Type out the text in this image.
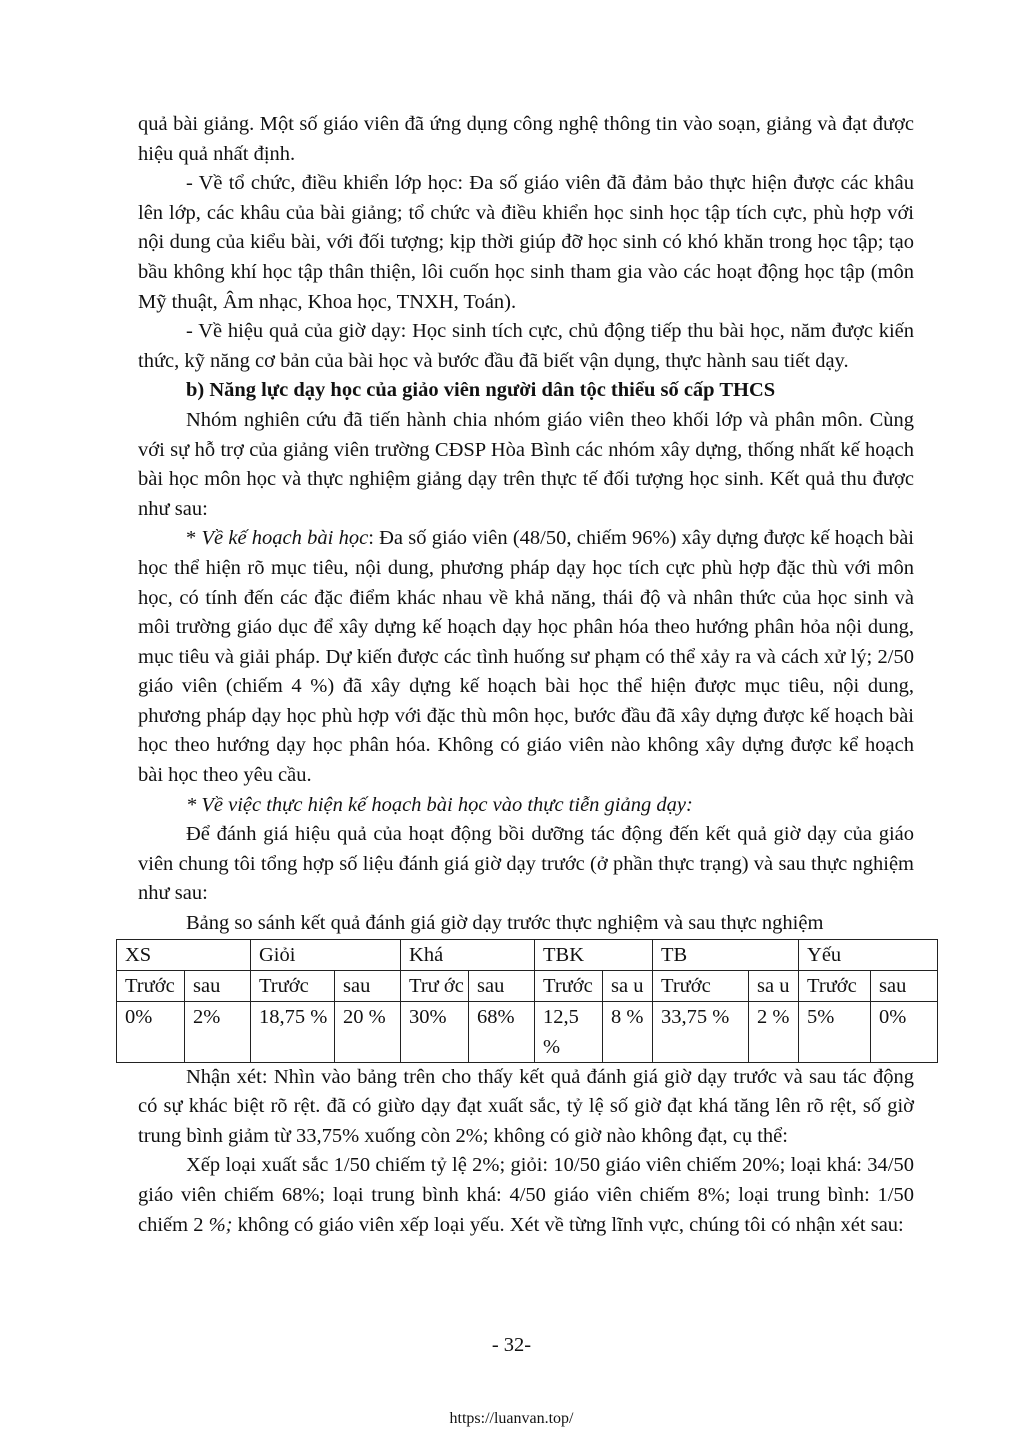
quả bài giảng. Một số giáo viên đã ứng dụng công nghệ thông tin vào soạn, giảng và đạt được hiệu quả nhất định.

- Về tổ chức, điều khiển lớp học: Đa số giáo viên đã đảm bảo thực hiện được các khâu lên lớp, các khâu của bài giảng; tổ chức và điều khiển học sinh học tập tích cực, phù hợp với nội dung của kiểu bài, với đối tượng; kịp thời giúp đỡ học sinh có khó khăn trong học tập; tạo bầu không khí học tập thân thiện, lôi cuốn học sinh tham gia vào các hoạt động học tập (môn Mỹ thuật, Âm nhạc, Khoa học, TNXH, Toán).

- Về hiệu quả của giờ dạy: Học sinh tích cực, chủ động tiếp thu bài học, năm được kiến thức, kỹ năng cơ bản của bài học và bước đầu đã biết vận dụng, thực hành sau tiết dạy.

b) Năng lực dạy học của giảo viên người dân tộc thiểu số cấp THCS

Nhóm nghiên cứu đã tiến hành chia nhóm giáo viên theo khối lớp và phân môn. Cùng với sự hỗ trợ của giảng viên trường CĐSP Hòa Bình các nhóm xây dựng, thống nhất kế hoạch bài học môn học và thực nghiệm giảng dạy trên thực tế đối tượng học sinh. Kết quả thu được như sau:

* Về kế hoạch bài học: Đa số giáo viên (48/50, chiếm 96%) xây dựng được kế hoạch bài học thể hiện rõ mục tiêu, nội dung, phương pháp dạy học tích cực phù hợp đặc thù với môn học, có tính đến các đặc điểm khác nhau về khả năng, thái độ và nhân thức của học sinh và môi trường giáo dục để xây dựng kế hoạch dạy học phân hóa theo hướng phân hỏa nội dung, mục tiêu và giải pháp. Dự kiến được các tình huống sư phạm có thể xảy ra và cách xử lý; 2/50 giáo viên (chiếm 4 %) đã xây dựng kế hoạch bài học thể hiện được mục tiêu, nội dung, phương pháp dạy học phù hợp với đặc thù môn học, bước đầu đã xây dựng được kế hoạch bài học theo hướng dạy học phân hóa. Không có giáo viên nào không xây dựng được kể hoạch bài học theo yêu cầu.

* Về việc thực hiện kế hoạch bài học vào thực tiễn giảng dạy:

Để đánh giá hiệu quả của hoạt động bồi dưỡng tác động đến kết quả giờ dạy của giáo viên chung tôi tổng hợp số liệu đánh giá giờ dạy trước (ở phần thực trạng) và sau thực nghiệm như sau:

Bảng so sánh kết quả đánh giá giờ dạy trước thực nghiệm và sau thực nghiệm

XS		Giỏi		Khá		TBK		TB		Yếu	
Trước	sau	Trước	sau	Trư ớc	sau	Trước	sa u	Trước	sa u	Trước	sau
0%	2%	18,75 %	20 %	30%	68%	12,5 %	8 %	33,75 %	2 %	5%	0%

Nhận xét: Nhìn vào bảng trên cho thấy kết quả đánh giá giờ dạy trước và sau tác động có sự khác biệt rõ rệt. đã có giừo dạy đạt xuất sắc, tỷ lệ số giờ đạt khá tăng lên rõ rệt, số giờ trung bình giảm từ 33,75% xuống còn 2%; không có giờ nào không đạt, cụ thể:

Xếp loại xuất sắc 1/50 chiếm tỷ lệ 2%; giỏi: 10/50 giáo viên chiếm 20%; loại khá: 34/50 giáo viên chiếm 68%; loại trung bình khá: 4/50 giáo viên chiếm 8%; loại trung bình: 1/50 chiếm 2 %; không có giáo viên xếp loại yếu. Xét về từng lĩnh vực, chúng tôi có nhận xét sau:

- 32-
https://luanvan.top/
